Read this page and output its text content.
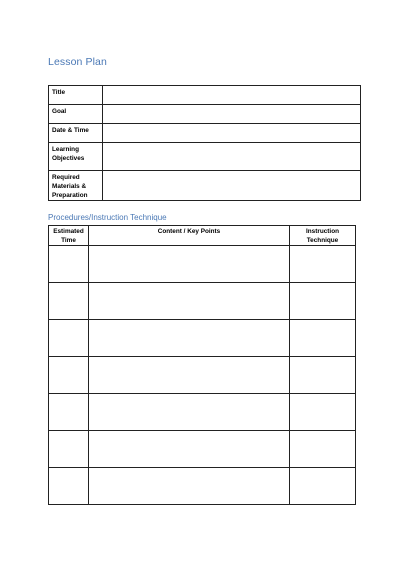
Lesson Plan
Title	
Goal	
Date & Time	
Learning Objectives	
Required Materials & Preparation	
Procedures/Instruction Technique
Estimated Time	Content / Key Points	Instruction Technique
